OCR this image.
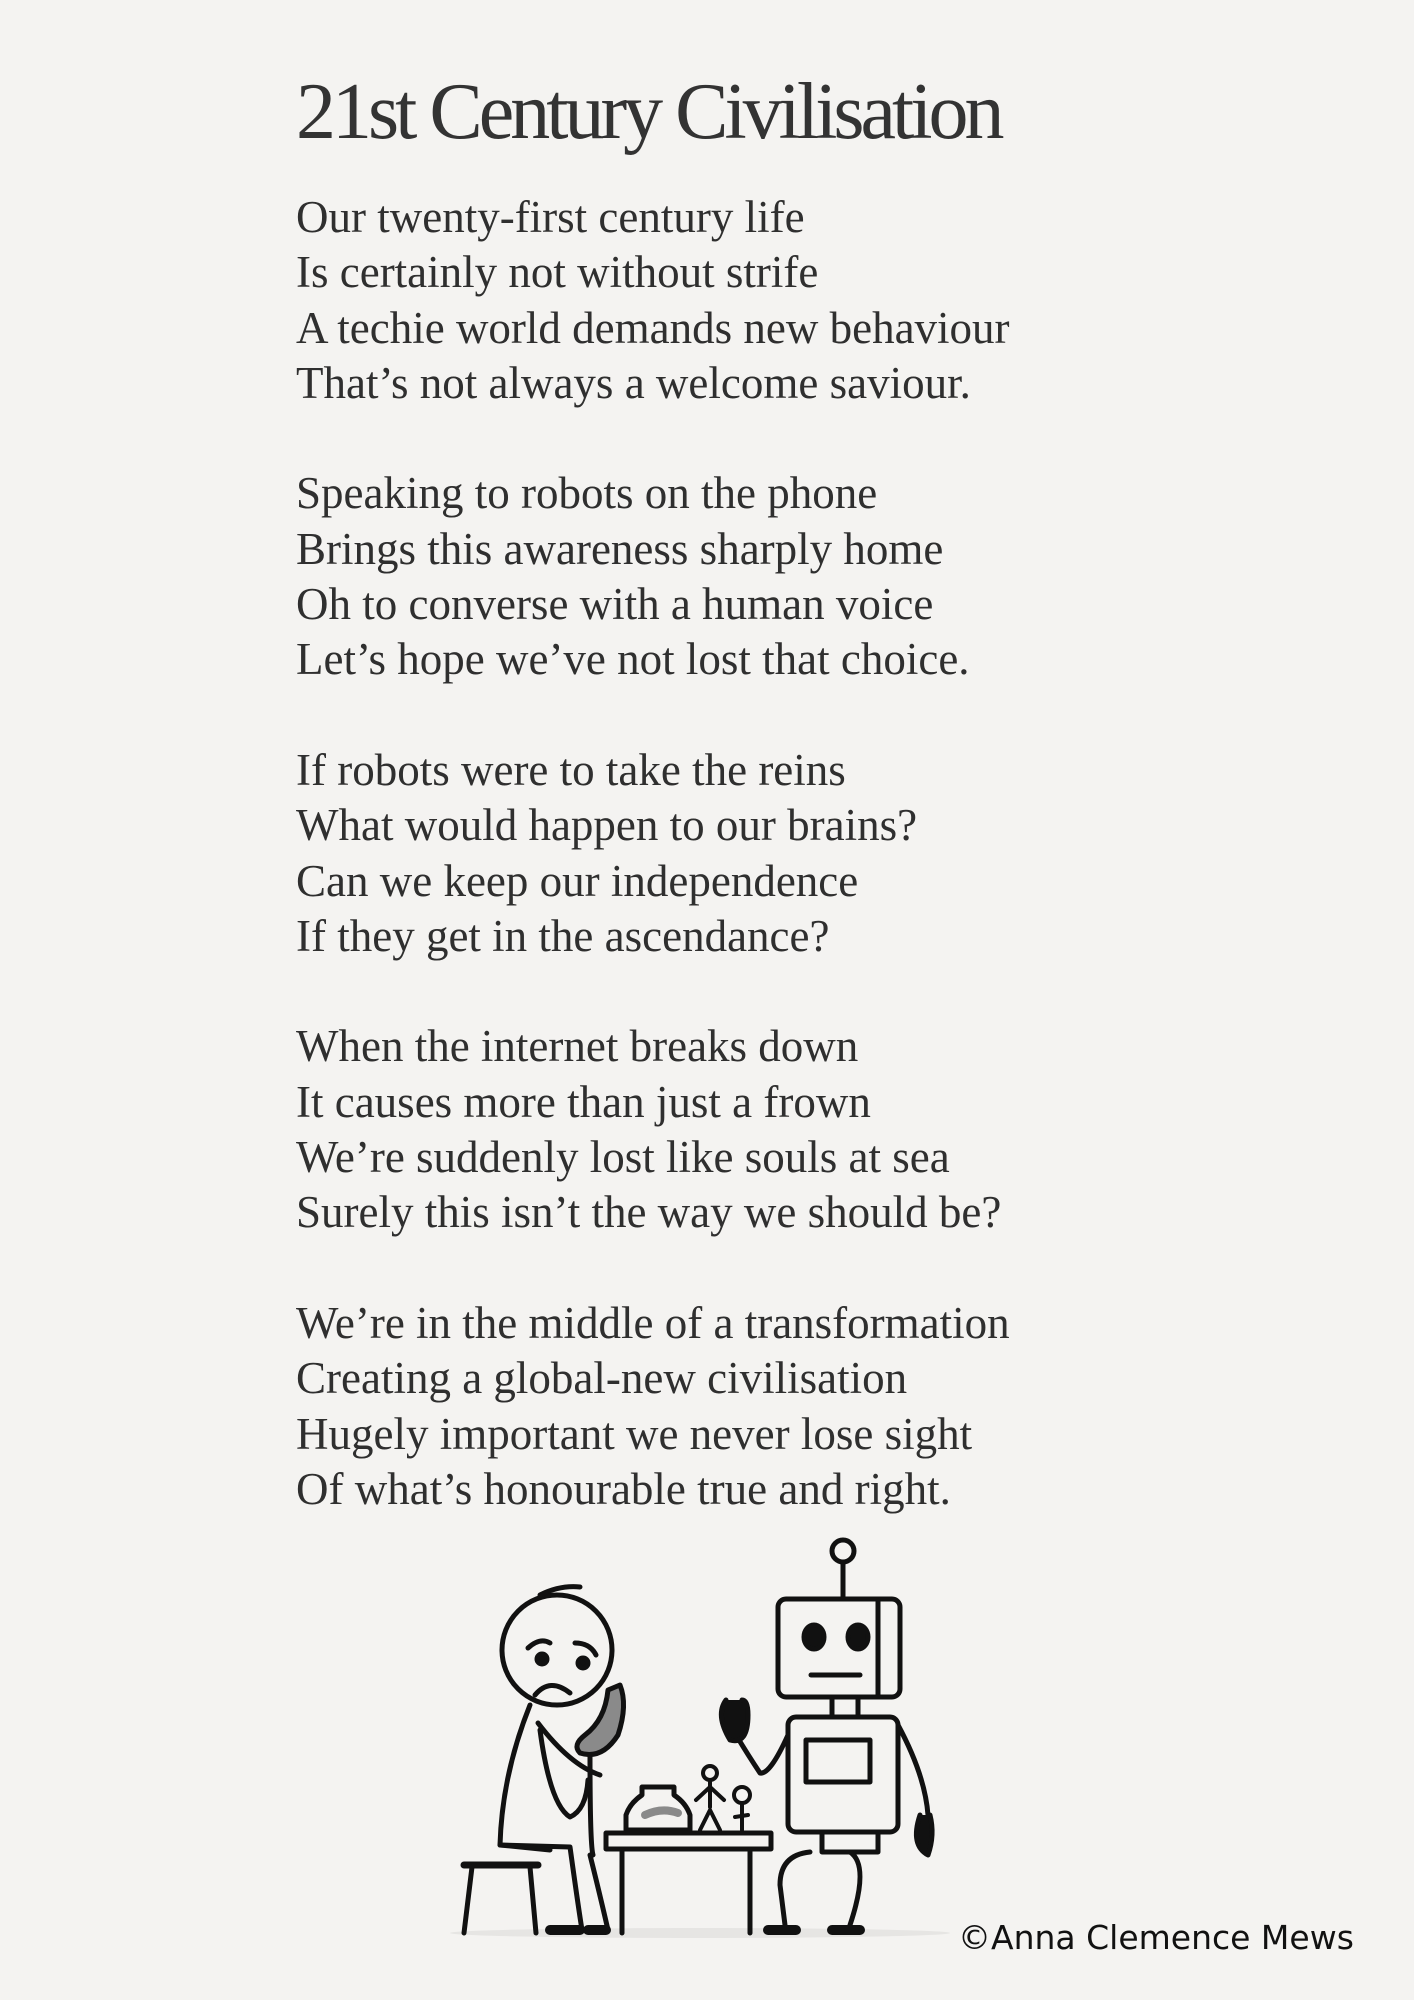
21st Century Civilisation
Our twenty-first century life
Is certainly not without strife
A techie world demands new behaviour
That’s not always a welcome saviour.
Speaking to robots on the phone
Brings this awareness sharply home
Oh to converse with a human voice
Let’s hope we’ve not lost that choice.
If robots were to take the reins
What would happen to our brains?
Can we keep our independence
If they get in the ascendance?
When the internet breaks down
It causes more than just a frown
We’re suddenly lost like souls at sea
Surely this isn’t the way we should be?
We’re in the middle of a transformation
Creating a global-new civilisation
Hugely important we never lose sight
Of what’s honourable true and right.
©Anna Clemence Mews
